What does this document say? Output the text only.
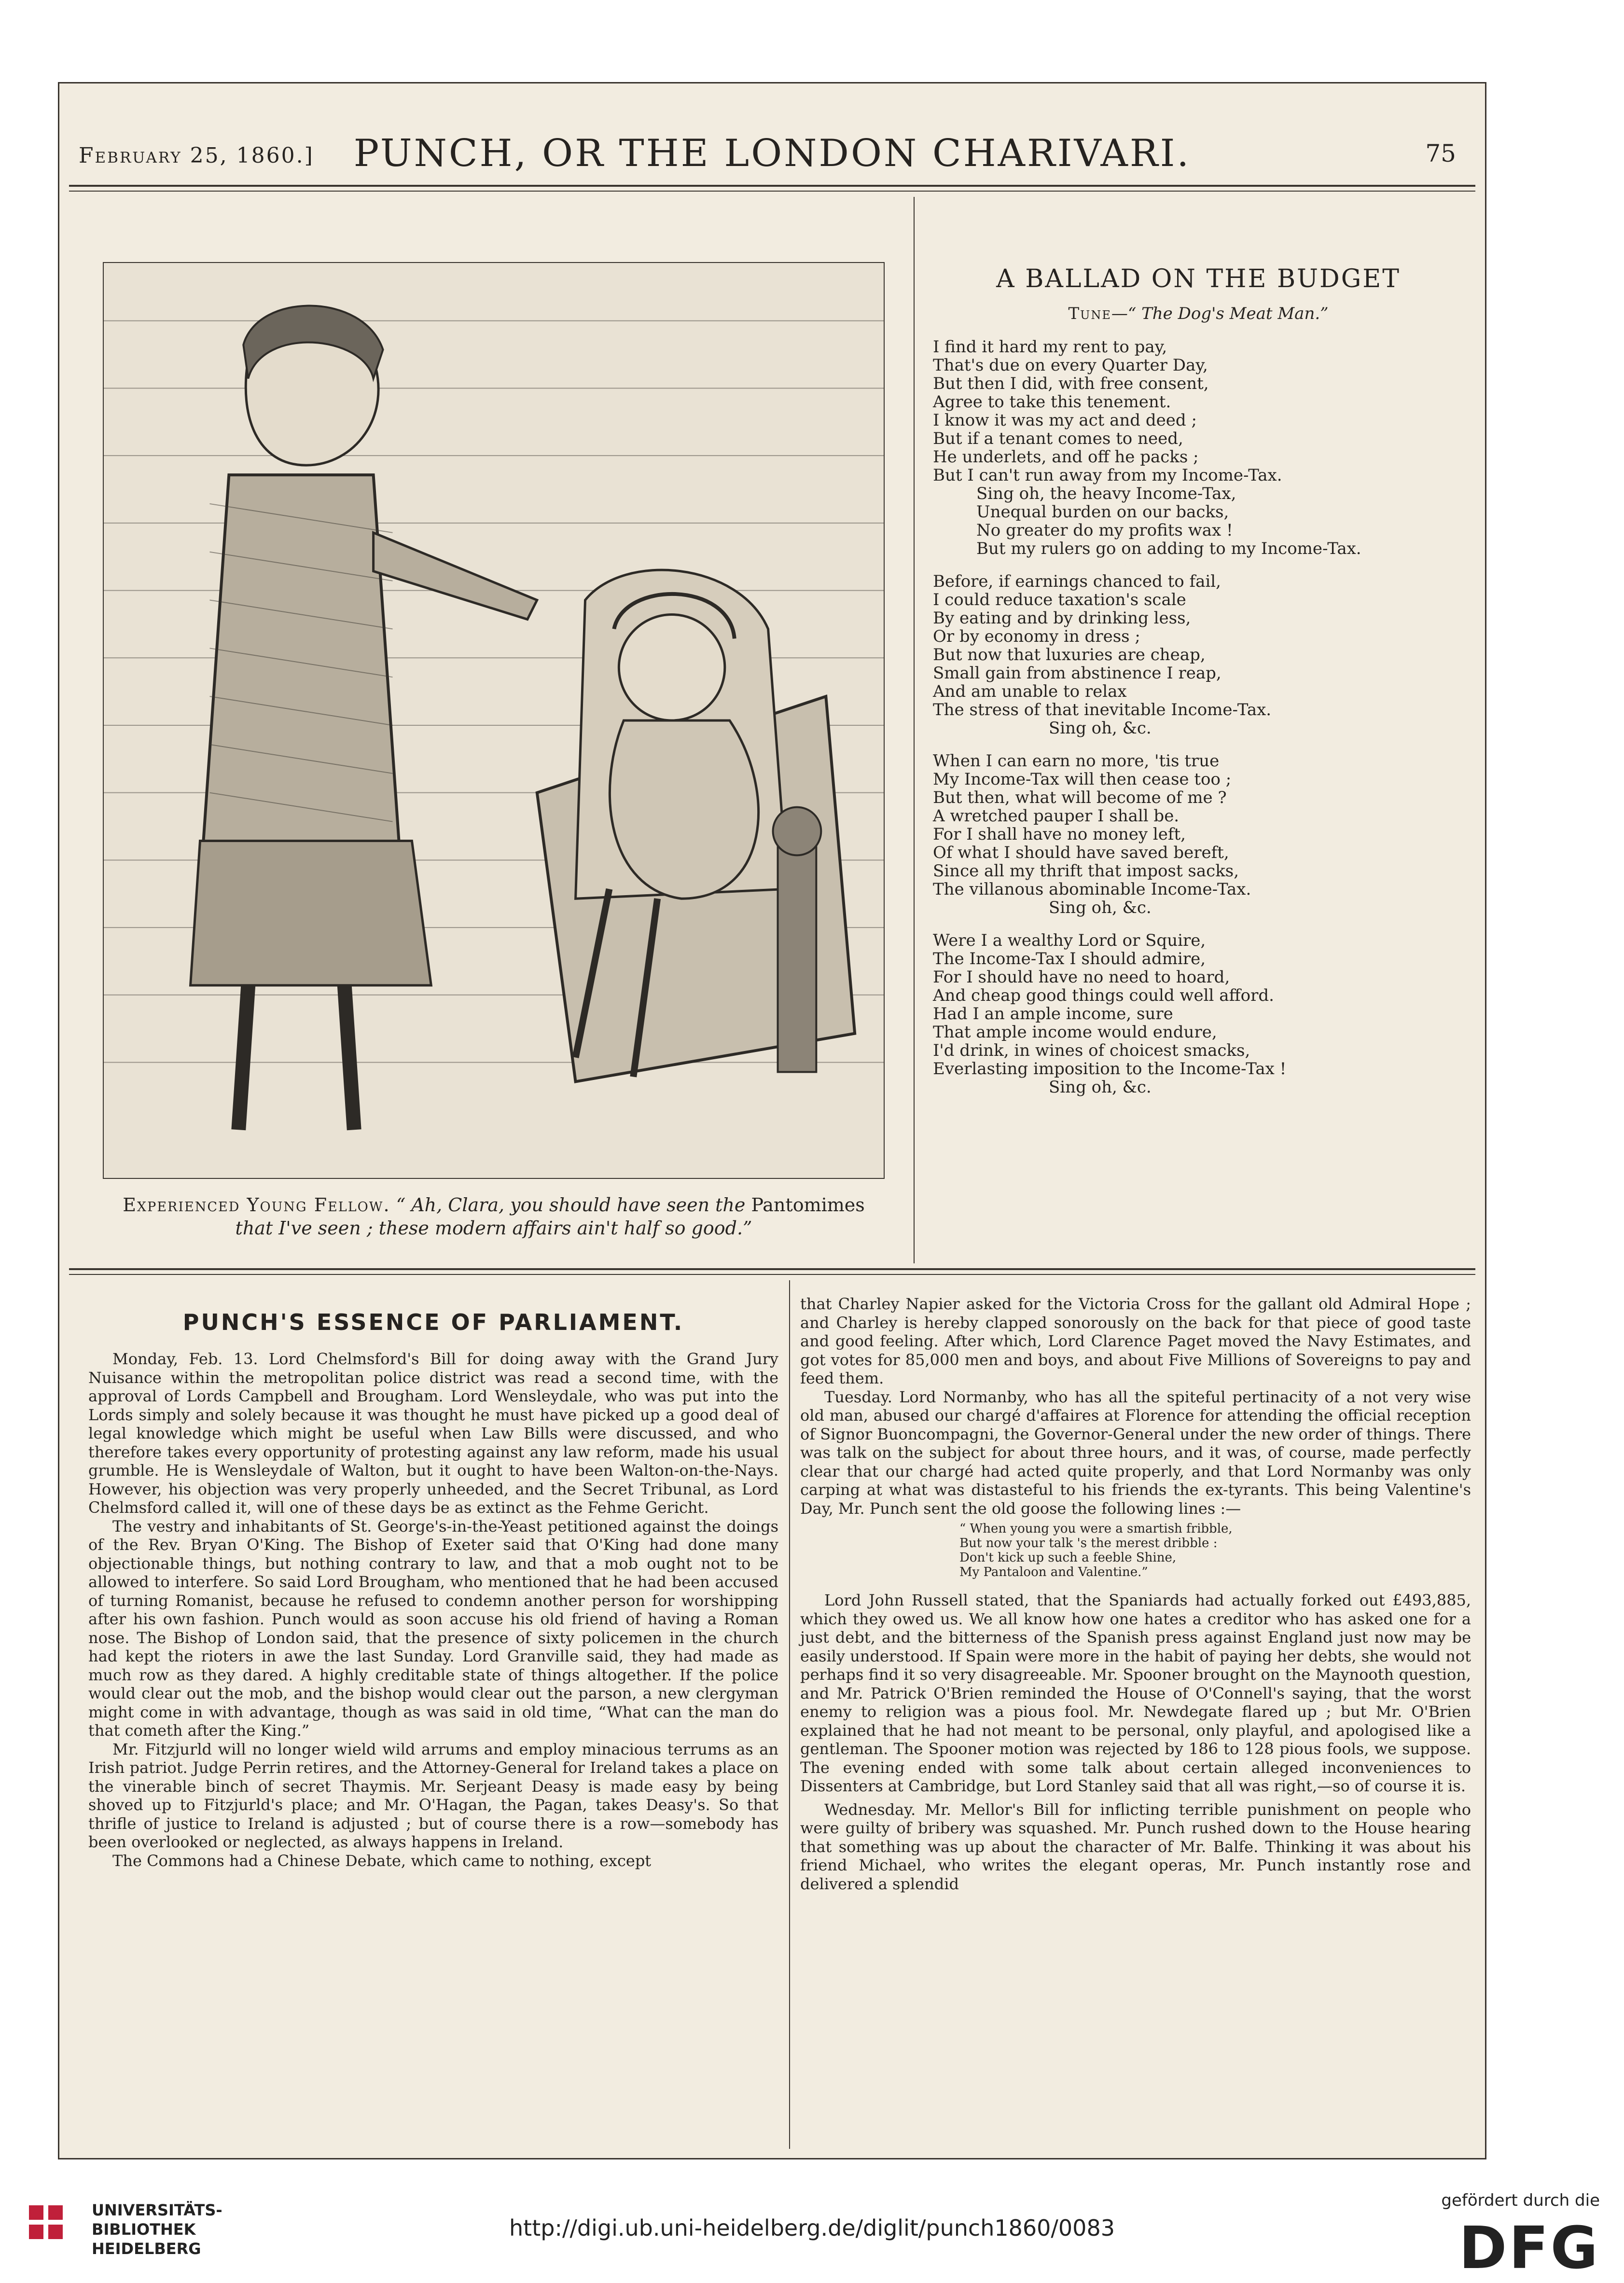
February 25, 1860.]	PUNCH, OR THE LONDON CHARIVARI.	75
Experienced Young Fellow. “ Ah, Clara, you should have seen the Pantomimes
that I've seen ; these modern affairs ain't half so good.”
A BALLAD ON THE BUDGET
Tune—“ The Dog's Meat Man.”
I find it hard my rent to pay,
That's due on every Quarter Day,
But then I did, with free consent,
Agree to take this tenement.
I know it was my act and deed ;
But if a tenant comes to need,
He underlets, and off he packs ;
But I can't run away from my Income-Tax.
Sing oh, the heavy Income-Tax,
Unequal burden on our backs,
No greater do my profits wax !
But my rulers go on adding to my Income-Tax.
Before, if earnings chanced to fail,
I could reduce taxation's scale
By eating and by drinking less,
Or by economy in dress ;
But now that luxuries are cheap,
Small gain from abstinence I reap,
And am unable to relax
The stress of that inevitable Income-Tax.
Sing oh, &c.
When I can earn no more, 'tis true
My Income-Tax will then cease too ;
But then, what will become of me ?
A wretched pauper I shall be.
For I shall have no money left,
Of what I should have saved bereft,
Since all my thrift that impost sacks,
The villanous abominable Income-Tax.
Sing oh, &c.
Were I a wealthy Lord or Squire,
The Income-Tax I should admire,
For I should have no need to hoard,
And cheap good things could well afford.
Had I an ample income, sure
That ample income would endure,
I'd drink, in wines of choicest smacks,
Everlasting imposition to the Income-Tax !
Sing oh, &c.
PUNCH'S ESSENCE OF PARLIAMENT.

Monday, Feb. 13. Lord Chelmsford's Bill for doing away with the Grand Jury Nuisance within the metropolitan police district was read a second time, with the approval of Lords Campbell and Brougham. Lord Wensleydale, who was put into the Lords simply and solely because it was thought he must have picked up a good deal of legal knowledge which might be useful when Law Bills were discussed, and who therefore takes every opportunity of protesting against any law reform, made his usual grumble. He is Wensleydale of Walton, but it ought to have been Walton-on-the-Nays. However, his objection was very properly unheeded, and the Secret Tribunal, as Lord Chelmsford called it, will one of these days be as extinct as the Fehme Gericht.

The vestry and inhabitants of St. George's-in-the-Yeast petitioned against the doings of the Rev. Bryan O'King. The Bishop of Exeter said that O'King had done many objectionable things, but nothing contrary to law, and that a mob ought not to be allowed to interfere. So said Lord Brougham, who mentioned that he had been accused of turning Romanist, because he refused to condemn another person for worshipping after his own fashion. Punch would as soon accuse his old friend of having a Roman nose. The Bishop of London said, that the presence of sixty policemen in the church had kept the rioters in awe the last Sunday. Lord Granville said, they had made as much row as they dared. A highly creditable state of things altogether. If the police would clear out the mob, and the bishop would clear out the parson, a new clergyman might come in with advantage, though as was said in old time, “What can the man do that cometh after the King.”

Mr. Fitzjurld will no longer wield wild arrums and employ minacious terrums as an Irish patriot. Judge Perrin retires, and the Attorney-General for Ireland takes a place on the vinerable binch of secret Thaymis. Mr. Serjeant Deasy is made easy by being shoved up to Fitzjurld's place; and Mr. O'Hagan, the Pagan, takes Deasy's. So that thrifle of justice to Ireland is adjusted ; but of course there is a row—somebody has been overlooked or neglected, as always happens in Ireland.

The Commons had a Chinese Debate, which came to nothing, except

that Charley Napier asked for the Victoria Cross for the gallant old Admiral Hope ; and Charley is hereby clapped sonorously on the back for that piece of good taste and good feeling. After which, Lord Clarence Paget moved the Navy Estimates, and got votes for 85,000 men and boys, and about Five Millions of Sovereigns to pay and feed them.

Tuesday. Lord Normanby, who has all the spiteful pertinacity of a not very wise old man, abused our chargé d'affaires at Florence for attending the official reception of Signor Buoncompagni, the Governor-General under the new order of things. There was talk on the subject for about three hours, and it was, of course, made perfectly clear that our chargé had acted quite properly, and that Lord Normanby was only carping at what was distasteful to his friends the ex-tyrants. This being Valentine's Day, Mr. Punch sent the old goose the following lines :—

“ When young you were a smartish fribble,
But now your talk 's the merest dribble :
Don't kick up such a feeble Shine,
My Pantaloon and Valentine.”

Lord John Russell stated, that the Spaniards had actually forked out £493,885, which they owed us. We all know how one hates a creditor who has asked one for a just debt, and the bitterness of the Spanish press against England just now may be easily understood. If Spain were more in the habit of paying her debts, she would not perhaps find it so very disagreeable. Mr. Spooner brought on the Maynooth question, and Mr. Patrick O'Brien reminded the House of O'Connell's saying, that the worst enemy to religion was a pious fool. Mr. Newdegate flared up ; but Mr. O'Brien explained that he had not meant to be personal, only playful, and apologised like a gentleman. The Spooner motion was rejected by 186 to 128 pious fools, we suppose. The evening ended with some talk about certain alleged inconveniences to Dissenters at Cambridge, but Lord Stanley said that all was right,—so of course it is.

Wednesday. Mr. Mellor's Bill for inflicting terrible punishment on people who were guilty of bribery was squashed. Mr. Punch rushed down to the House hearing that something was up about the character of Mr. Balfe. Thinking it was about his friend Michael, who writes the elegant operas, Mr. Punch instantly rose and delivered a splendid

UNIVERSITÄTS-
BIBLIOTHEK
HEIDELBERG
http://digi.ub.uni-heidelberg.de/diglit/punch1860/0083
gefördert durch die
DFG
